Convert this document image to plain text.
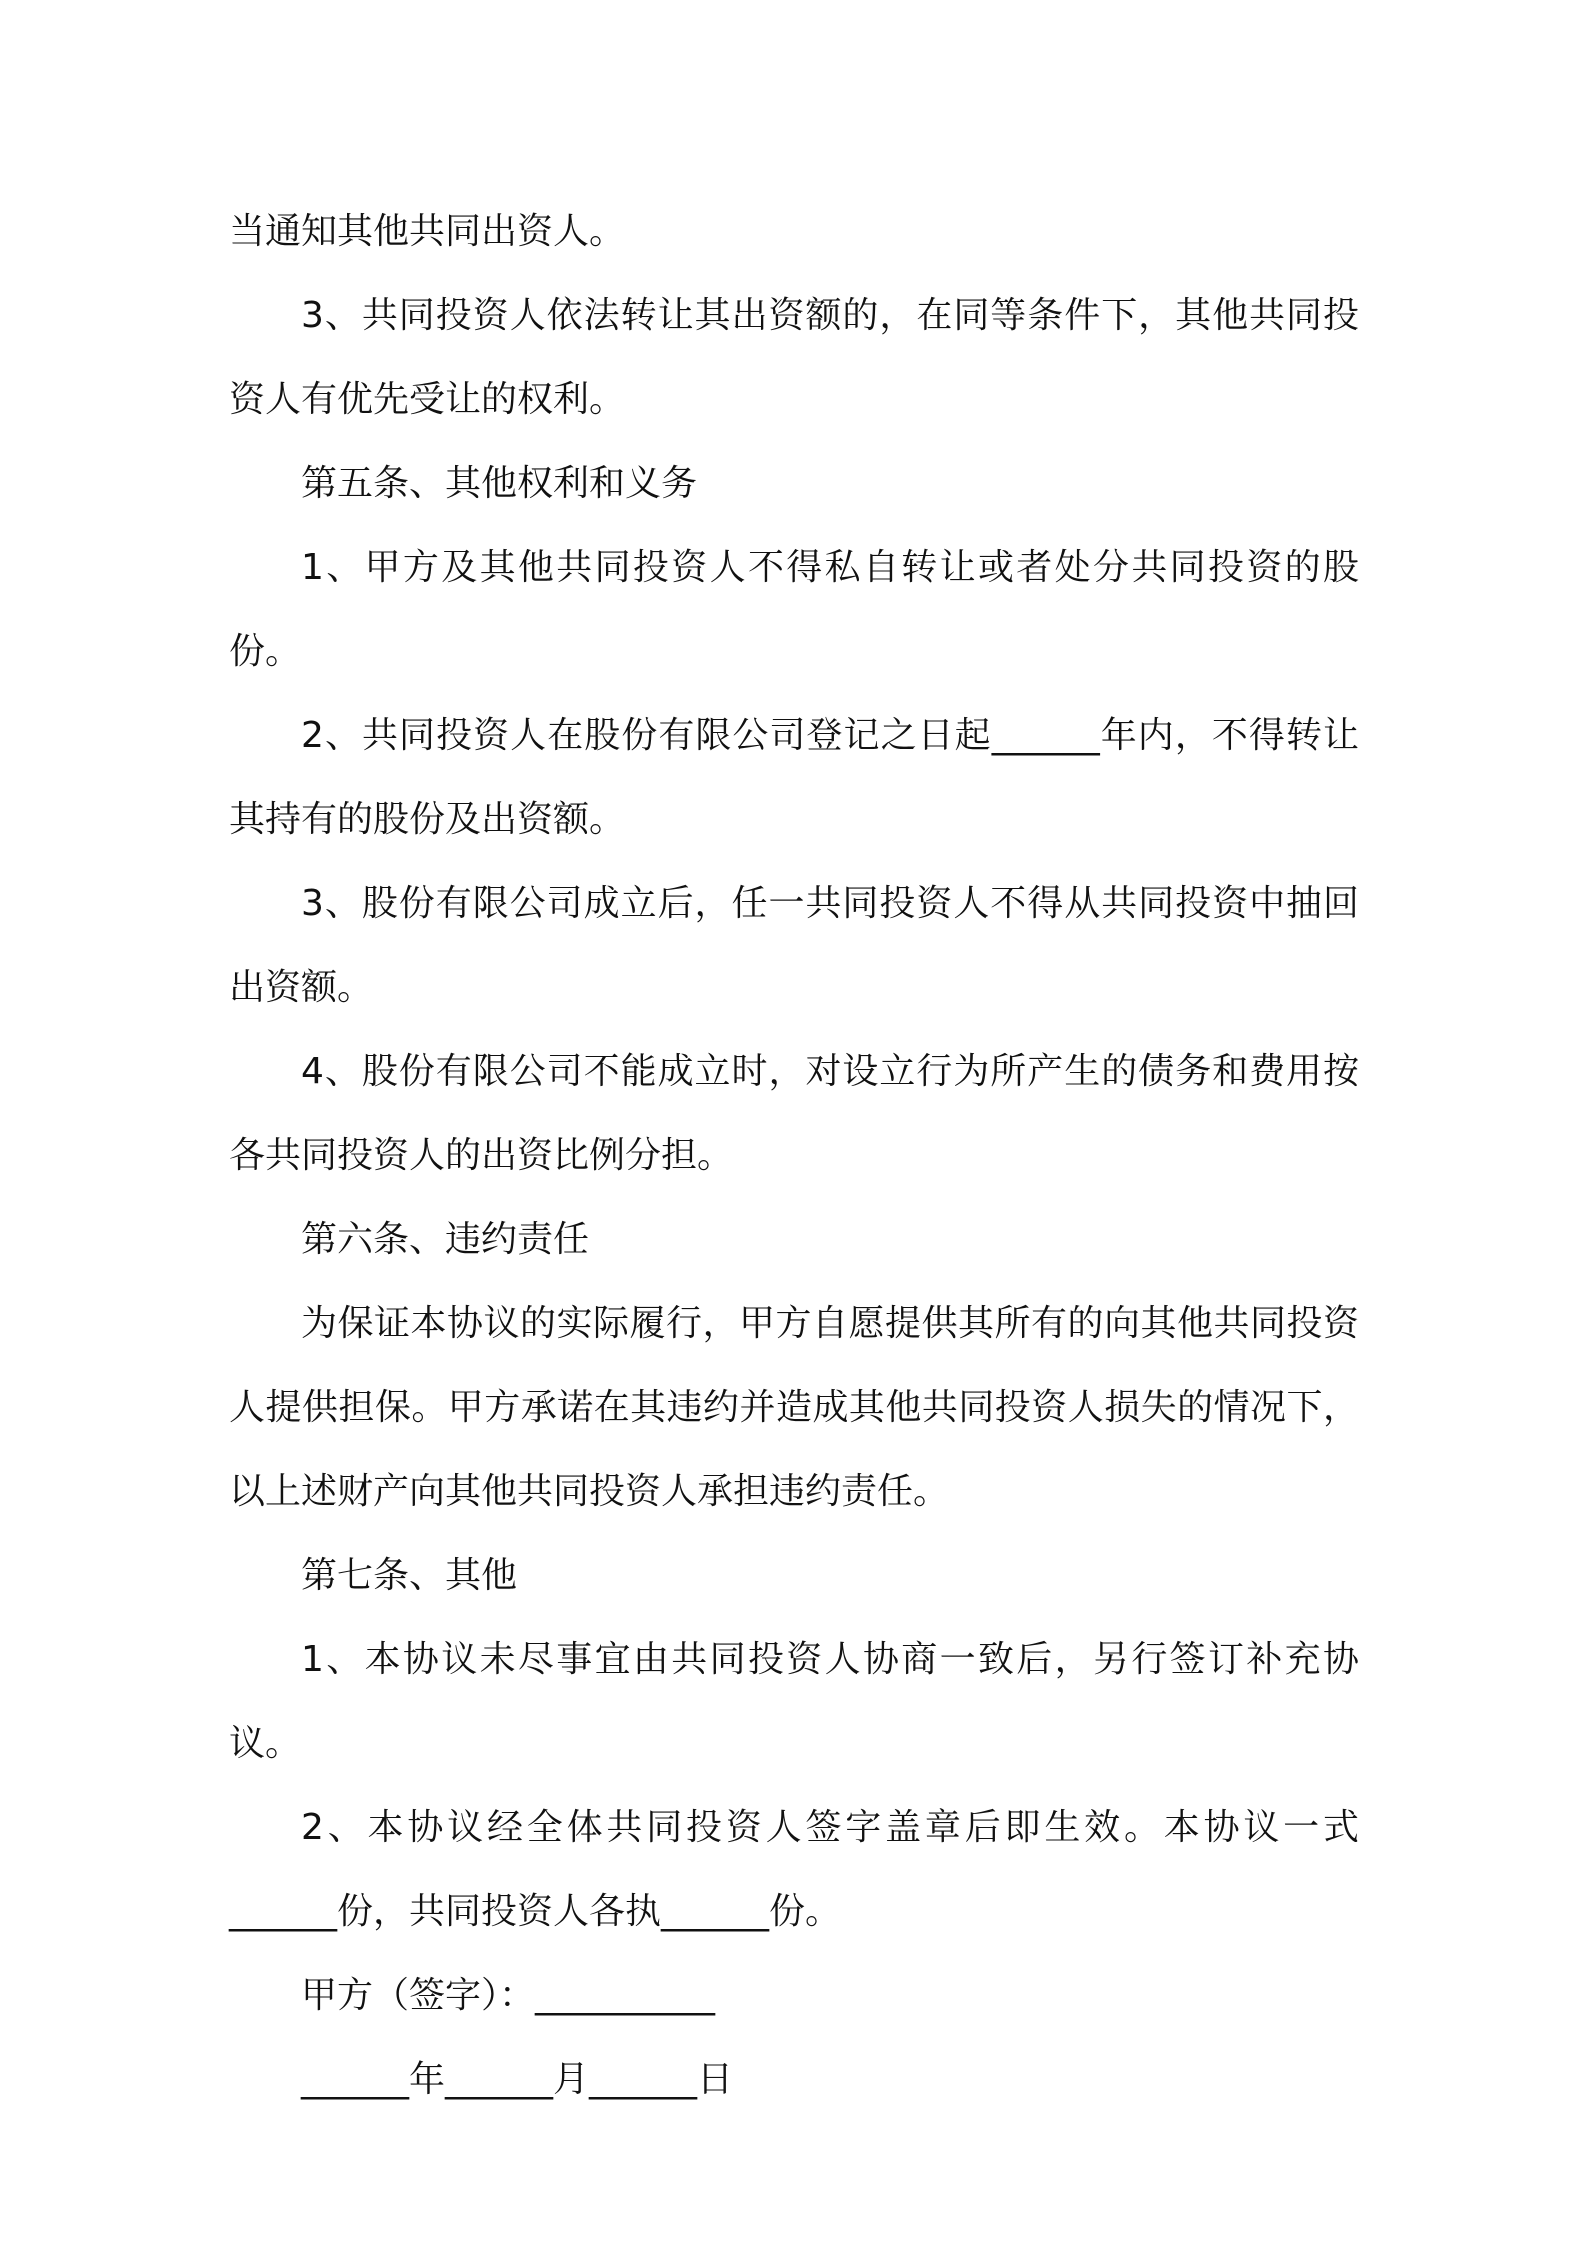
当通知其他共同出资人。

3、共同投资人依法转让其出资额的，在同等条件下，其他共同投资人有优先受让的权利。

第五条、其他权利和义务

1、甲方及其他共同投资人不得私自转让或者处分共同投资的股份。

2、共同投资人在股份有限公司登记之日起______年内，不得转让其持有的股份及出资额。

3、股份有限公司成立后，任一共同投资人不得从共同投资中抽回出资额。

4、股份有限公司不能成立时，对设立行为所产生的债务和费用按各共同投资人的出资比例分担。

第六条、违约责任

为保证本协议的实际履行，甲方自愿提供其所有的向其他共同投资人提供担保。甲方承诺在其违约并造成其他共同投资人损失的情况下，以上述财产向其他共同投资人承担违约责任。

第七条、其他

1、本协议未尽事宜由共同投资人协商一致后，另行签订补充协议。

2、本协议经全体共同投资人签字盖章后即生效。本协议一式______份，共同投资人各执______份。

甲方（签字）：__________

______年______月______日
